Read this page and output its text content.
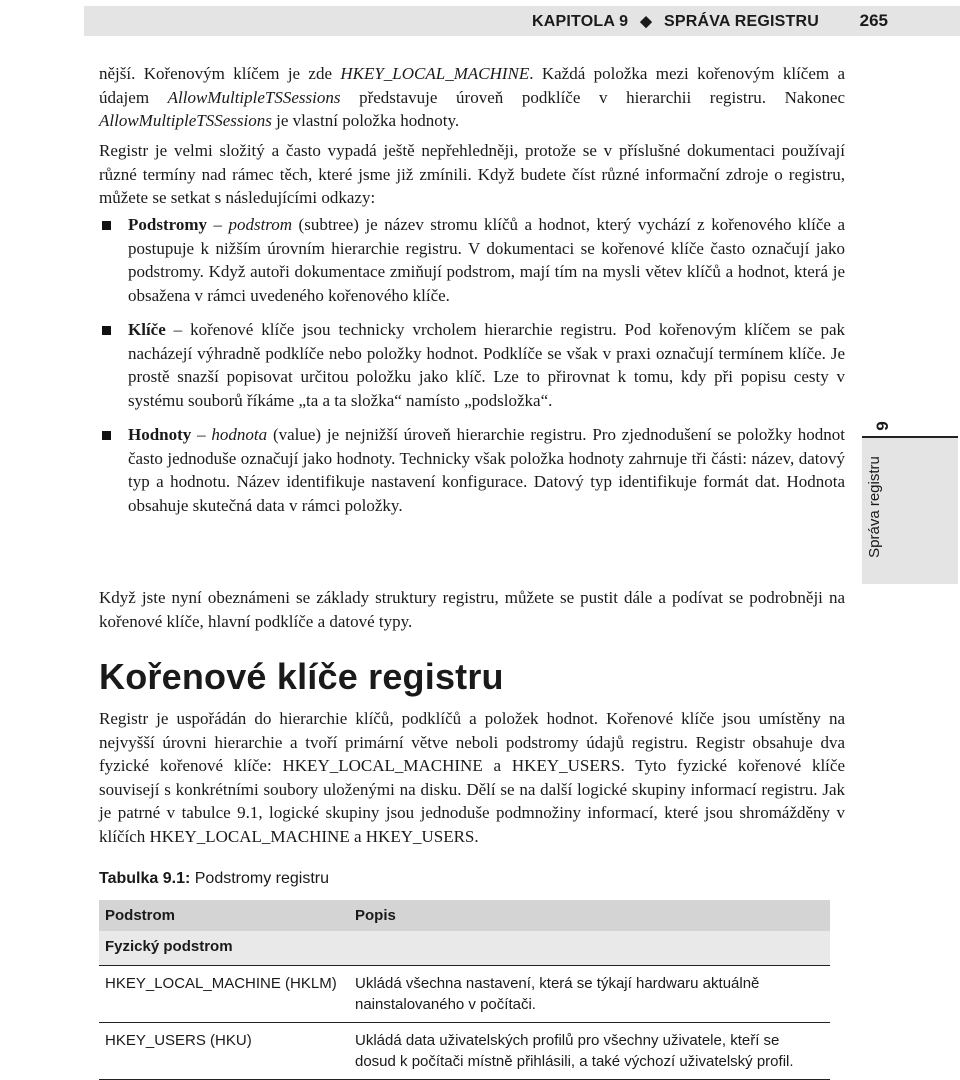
KAPITOLA 9 ◆ SPRÁVA REGISTRU 265

nější. Kořenovým klíčem je zde HKEY_LOCAL_MACHINE. Každá položka mezi kořenovým klíčem a údajem AllowMultipleTSSessions představuje úroveň podklíče v hierarchii registru. Nakonec AllowMultipleTSSessions je vlastní položka hodnoty.

Registr je velmi složitý a často vypadá ještě nepřehledněji, protože se v příslušné dokumentaci používají různé termíny nad rámec těch, které jsme již zmínili. Když budete číst různé informační zdroje o registru, můžete se setkat s následujícími odkazy:

Podstromy – podstrom (subtree) je název stromu klíčů a hodnot, který vychází z kořenového klíče a postupuje k nižším úrovním hierarchie registru. V dokumentaci se kořenové klíče často označují jako podstromy. Když autoři dokumentace zmiňují podstrom, mají tím na mysli větev klíčů a hodnot, která je obsažena v rámci uvedeného kořenového klíče.
Klíče – kořenové klíče jsou technicky vrcholem hierarchie registru. Pod kořenovým klíčem se pak nacházejí výhradně podklíče nebo položky hodnot. Podklíče se však v praxi označují termínem klíče. Je prostě snazší popisovat určitou položku jako klíč. Lze to přirovnat k tomu, kdy při popisu cesty v systému souborů říkáme „ta a ta složka“ namísto „podsložka“.
Hodnoty – hodnota (value) je nejnižší úroveň hierarchie registru. Pro zjednodušení se položky hodnot často jednoduše označují jako hodnoty. Technicky však položka hodnoty zahrnuje tři části: název, datový typ a hodnotu. Název identifikuje nastavení konfigurace. Datový typ identifikuje formát dat. Hodnota obsahuje skutečná data v rámci položky.

Když jste nyní obeznámeni se základy struktury registru, můžete se pustit dále a podívat se podrobněji na kořenové klíče, hlavní podklíče a datové typy.

Kořenové klíče registru

Registr je uspořádán do hierarchie klíčů, podklíčů a položek hodnot. Kořenové klíče jsou umístěny na nejvyšší úrovni hierarchie a tvoří primární větve neboli podstromy údajů registru. Registr obsahuje dva fyzické kořenové klíče: HKEY_LOCAL_MACHINE a HKEY_USERS. Tyto fyzické kořenové klíče souvisejí s konkrétními soubory uloženými na disku. Dělí se na další logické skupiny informací registru. Jak je patrné v tabulce 9.1, logické skupiny jsou jednoduše podmnožiny informací, které jsou shromážděny v klíčích HKEY_LOCAL_MACHINE a HKEY_USERS.

9
Správa registru
Tabulka 9.1: Podstromy registru
Podstrom	Popis
Fyzický podstrom	
HKEY_LOCAL_MACHINE (HKLM)	Ukládá všechna nastavení, která se týkají hardwaru aktuálně nainstalovaného v počítači.
HKEY_USERS (HKU)	Ukládá data uživatelských profilů pro všechny uživatele, kteří se dosud k počítači místně přihlásili, a také výchozí uživatelský profil.
